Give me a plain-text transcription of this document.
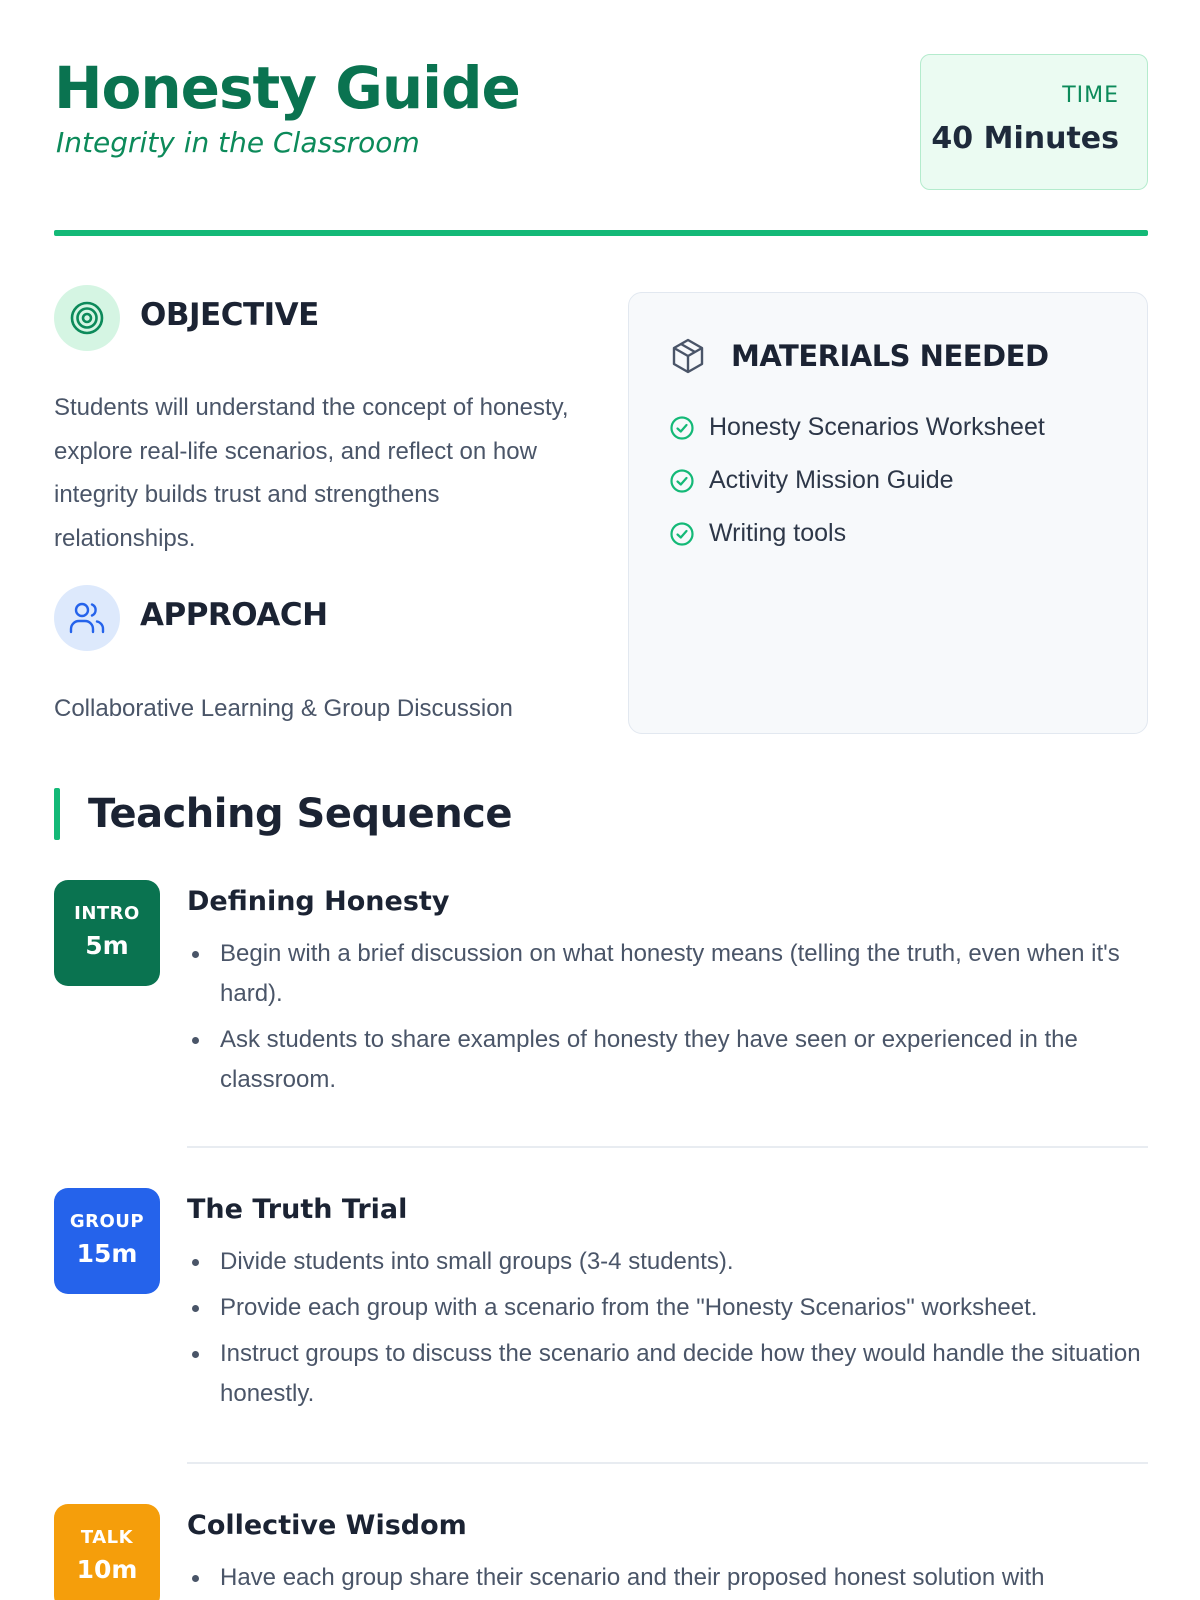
Honesty Guide
Integrity in the Classroom
TIME
40 Minutes
OBJECTIVE
Students will understand the concept of honesty, explore real-life scenarios, and reflect on how integrity builds trust and strengthens relationships.
APPROACH
Collaborative Learning & Group Discussion
MATERIALS NEEDED
Honesty Scenarios Worksheet
Activity Mission Guide
Writing tools
Teaching Sequence
INTRO
5m
Defining Honesty
Begin with a brief discussion on what honesty means (telling the truth, even when it's hard).
Ask students to share examples of honesty they have seen or experienced in the classroom.
GROUP
15m
The Truth Trial
Divide students into small groups (3-4 students).
Provide each group with a scenario from the "Honesty Scenarios" worksheet.
Instruct groups to discuss the scenario and decide how they would handle the situation honestly.
TALK
10m
Collective Wisdom
Have each group share their scenario and their proposed honest solution with
